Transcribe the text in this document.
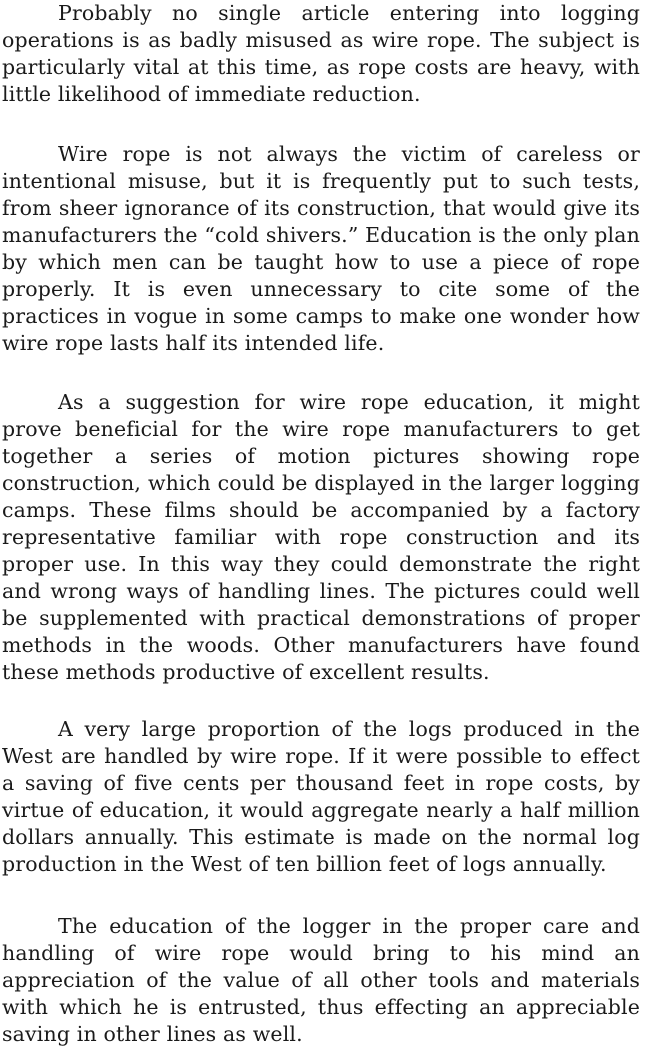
Probably no single article entering into logging operations is as badly misused as wire rope. The subject is particularly vital at this time, as rope costs are heavy, with little likelihood of immediate reduction.

Wire rope is not always the victim of careless or intentional misuse, but it is frequently put to such tests, from sheer ignorance of its construction, that would give its manufacturers the “cold shivers.” Education is the only plan by which men can be taught how to use a piece of rope properly. It is even unnecessary to cite some of the practices in vogue in some camps to make one wonder how wire rope lasts half its intended life.

As a suggestion for wire rope education, it might prove beneficial for the wire rope manufacturers to get together a series of motion pictures showing rope construction, which could be displayed in the larger logging camps. These films should be accompanied by a factory representative familiar with rope construction and its proper use. In this way they could demonstrate the right and wrong ways of handling lines. The pictures could well be supplemented with practical demonstrations of proper methods in the woods. Other manufacturers have found these methods productive of excellent results.

A very large proportion of the logs produced in the West are handled by wire rope. If it were possible to effect a saving of five cents per thousand feet in rope costs, by virtue of education, it would aggregate nearly a half million dollars annually. This estimate is made on the normal log production in the West of ten billion feet of logs annually.

The education of the logger in the proper care and handling of wire rope would bring to his mind an appreciation of the value of all other tools and materials with which he is entrusted, thus effecting an appreciable saving in other lines as well.
